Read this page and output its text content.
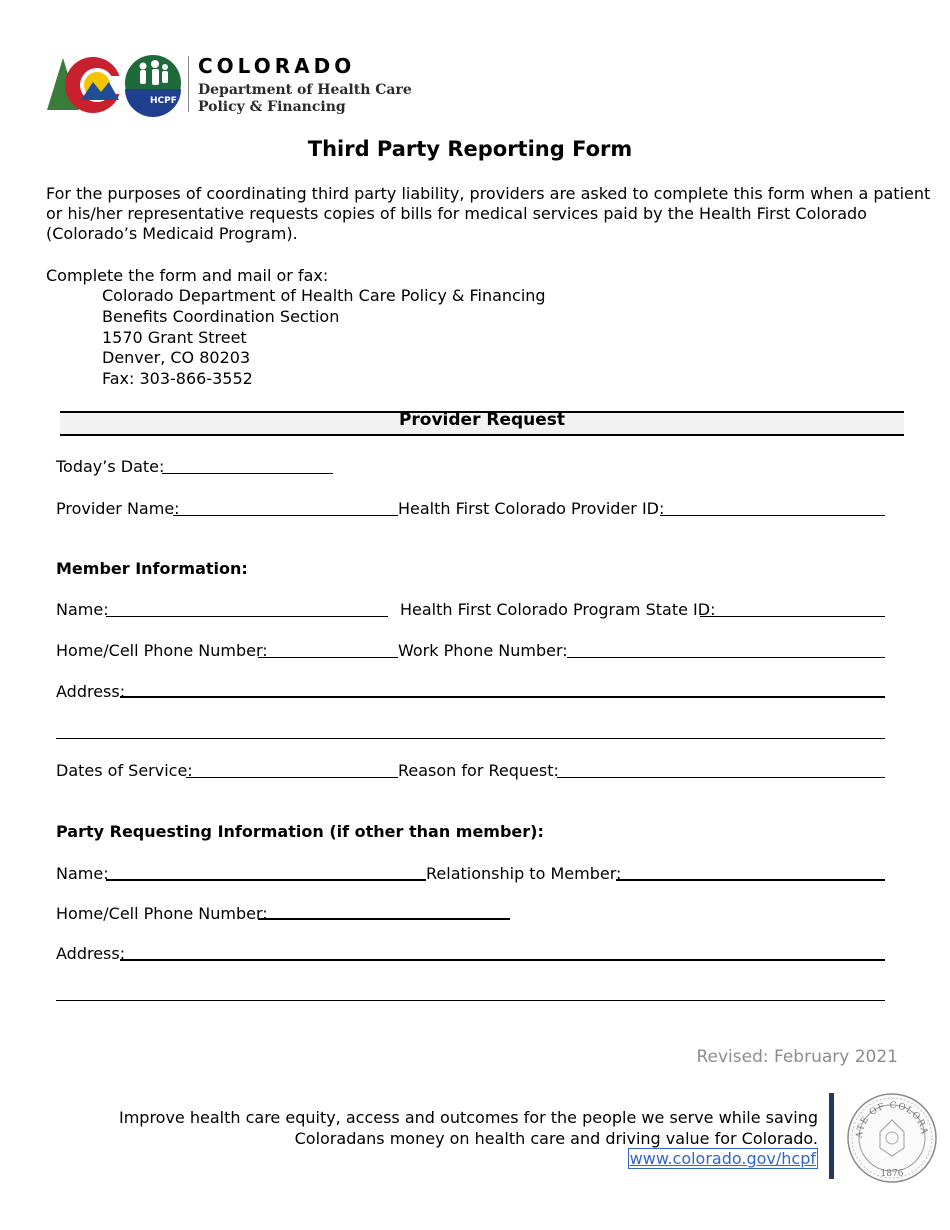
HCPF
COLORADO
Department of Health Care
Policy & Financing
Third Party Reporting Form
For the purposes of coordinating third party liability, providers are asked to complete this form when a patient
or his/her representative requests copies of bills for medical services paid by the Health First Colorado
(Colorado’s Medicaid Program).
Complete the form and mail or fax:
Colorado Department of Health Care Policy & Financing
Benefits Coordination Section
1570 Grant Street
Denver, CO 80203
Fax: 303-866-3552
Provider Request
Today’s Date:
Provider Name:	Health First Colorado Provider ID:
Member Information:
Name:	Health First Colorado Program State ID:
Home/Cell Phone Number:	Work Phone Number:
Address:
Dates of Service:	Reason for Request:
Party Requesting Information (if other than member):
Name:	Relationship to Member:
Home/Cell Phone Number:
Address:
Revised: February 2021
Improve health care equity, access and outcomes for the people we serve while saving
Coloradans money on health care and driving value for Colorado.
www.colorado.gov/hcpf
ATE OF COLORA
1876
